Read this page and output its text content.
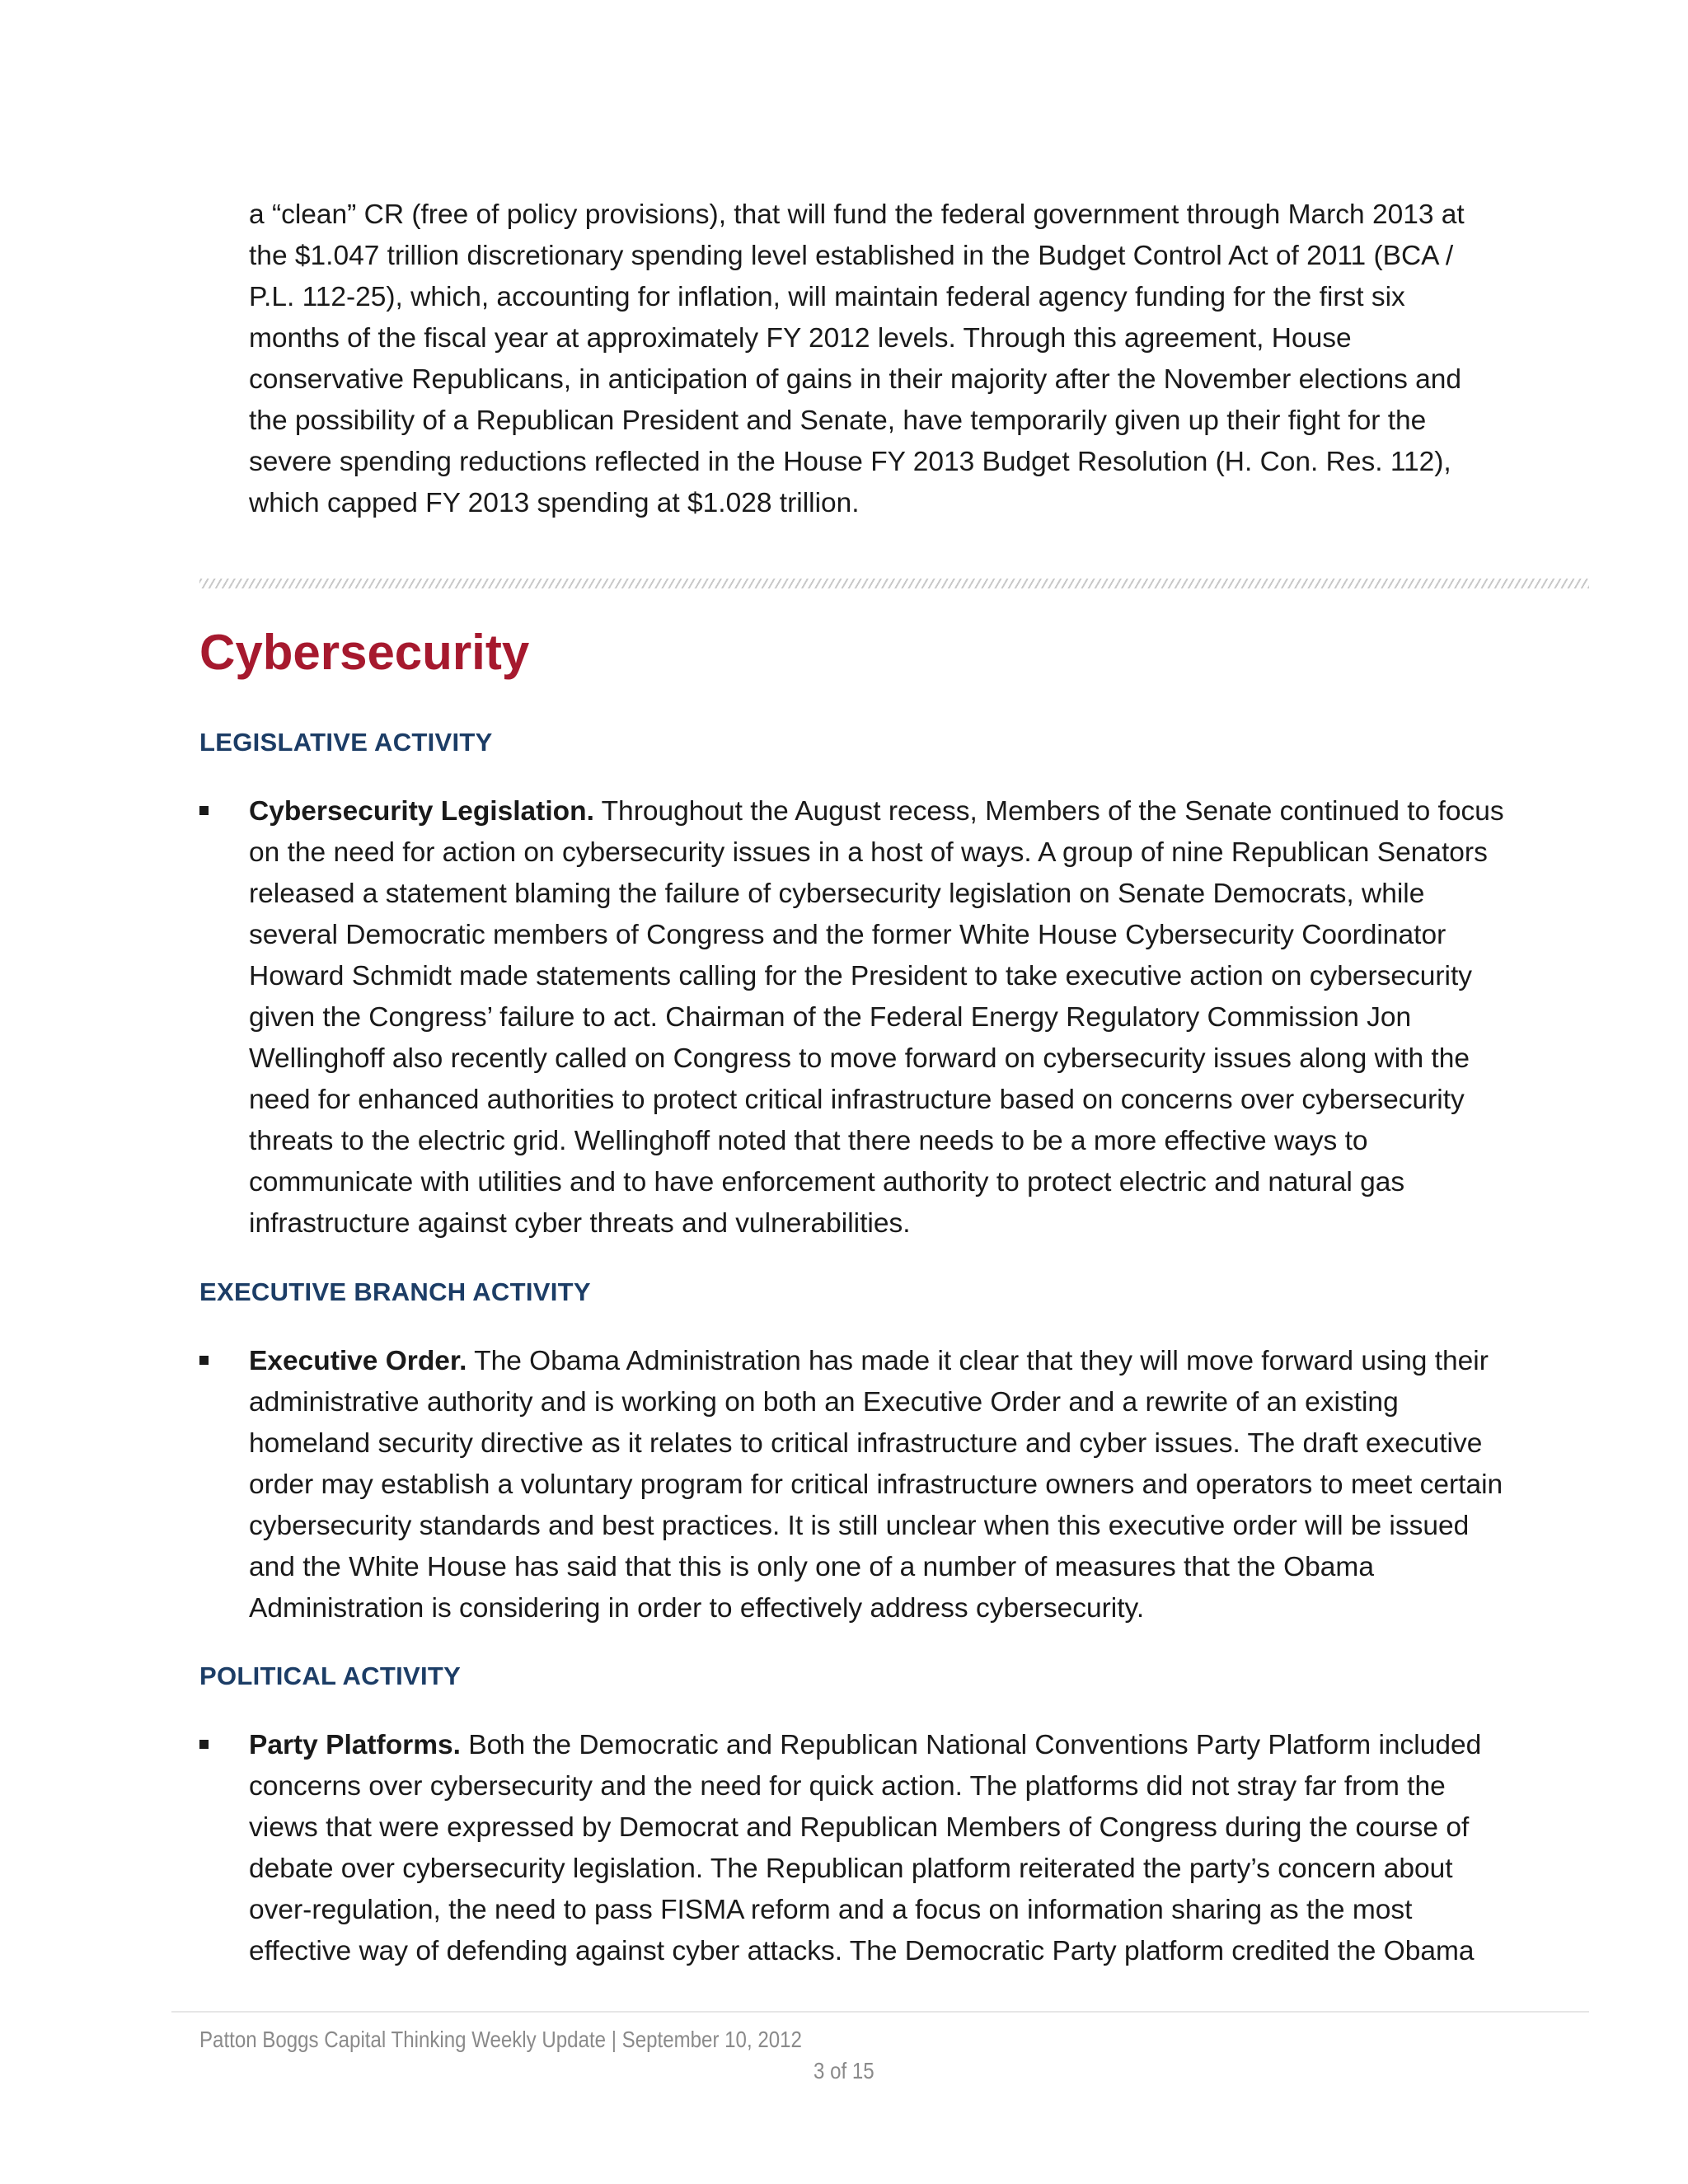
a “clean” CR (free of policy provisions), that will fund the federal government through March 2013 at the $1.047 trillion discretionary spending level established in the Budget Control Act of 2011 (BCA / P.L. 112-25), which, accounting for inflation, will maintain federal agency funding for the first six months of the fiscal year at approximately FY 2012 levels. Through this agreement, House conservative Republicans, in anticipation of gains in their majority after the November elections and the possibility of a Republican President and Senate, have temporarily given up their fight for the severe spending reductions reflected in the House FY 2013 Budget Resolution (H. Con. Res. 112), which capped FY 2013 spending at $1.028 trillion.

Cybersecurity
LEGISLATIVE ACTIVITY

Cybersecurity Legislation. Throughout the August recess, Members of the Senate continued to focus on the need for action on cybersecurity issues in a host of ways. A group of nine Republican Senators released a statement blaming the failure of cybersecurity legislation on Senate Democrats, while several Democratic members of Congress and the former White House Cybersecurity Coordinator Howard Schmidt made statements calling for the President to take executive action on cybersecurity given the Congress’ failure to act. Chairman of the Federal Energy Regulatory Commission Jon Wellinghoff also recently called on Congress to move forward on cybersecurity issues along with the need for enhanced authorities to protect critical infrastructure based on concerns over cybersecurity threats to the electric grid. Wellinghoff noted that there needs to be a more effective ways to communicate with utilities and to have enforcement authority to protect electric and natural gas infrastructure against cyber threats and vulnerabilities.

EXECUTIVE BRANCH ACTIVITY

Executive Order. The Obama Administration has made it clear that they will move forward using their administrative authority and is working on both an Executive Order and a rewrite of an existing homeland security directive as it relates to critical infrastructure and cyber issues. The draft executive order may establish a voluntary program for critical infrastructure owners and operators to meet certain cybersecurity standards and best practices. It is still unclear when this executive order will be issued and the White House has said that this is only one of a number of measures that the Obama Administration is considering in order to effectively address cybersecurity.

POLITICAL ACTIVITY

Party Platforms. Both the Democratic and Republican National Conventions Party Platform included concerns over cybersecurity and the need for quick action. The platforms did not stray far from the views that were expressed by Democrat and Republican Members of Congress during the course of debate over cybersecurity legislation. The Republican platform reiterated the party’s concern about over-regulation, the need to pass FISMA reform and a focus on information sharing as the most effective way of defending against cyber attacks. The Democratic Party platform credited the Obama

Patton Boggs Capital Thinking Weekly Update | September 10, 2012

3 of 15
